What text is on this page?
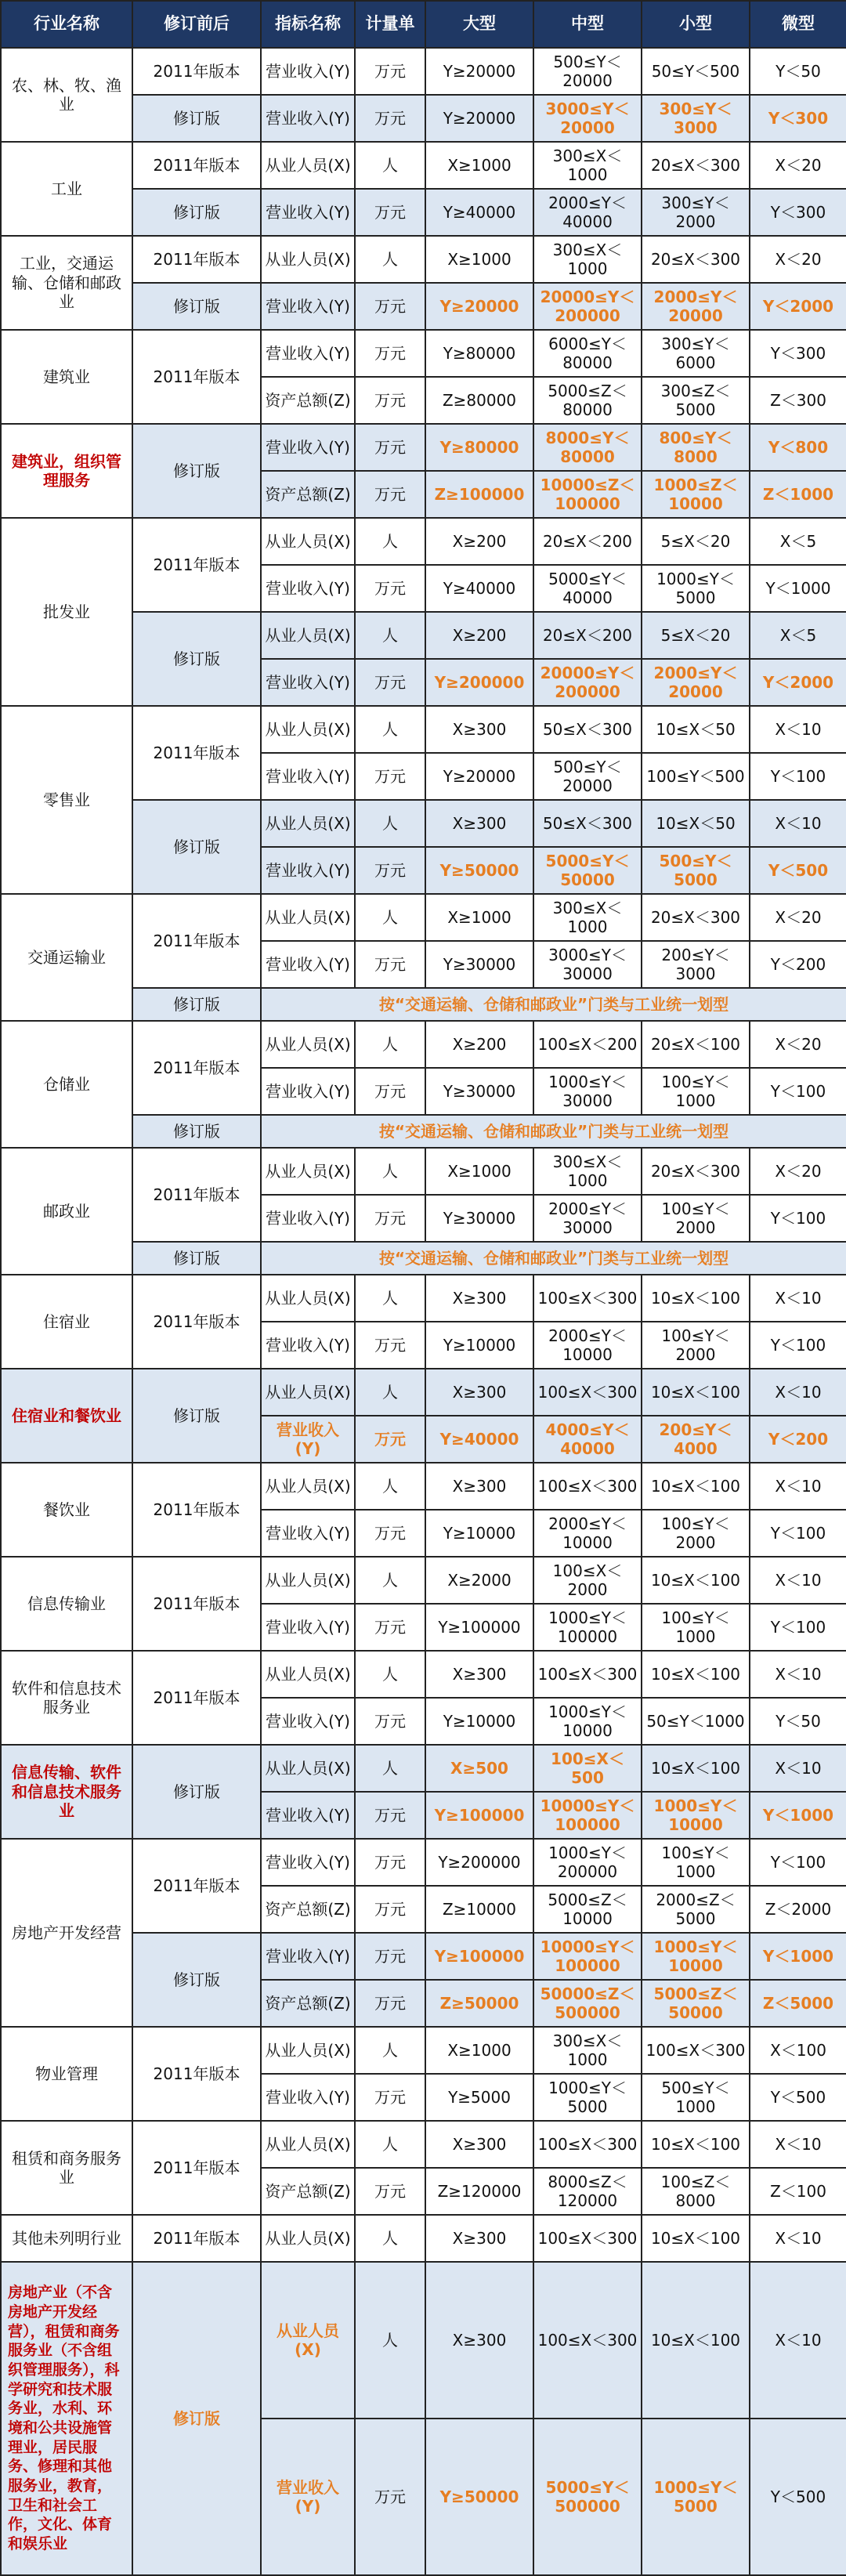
行业名称	修订前后	指标名称	计量单	大型	中型	小型	微型
农、林、牧、渔业	2011年版本	营业收入(Y)	万元	Y≥20000	500≤Y＜20000	50≤Y＜500	Y＜50
	修订版	营业收入(Y)	万元	Y≥20000	3000≤Y＜20000	300≤Y＜3000	Y＜300
工业	2011年版本	从业人员(X)	人	X≥1000	300≤X＜1000	20≤X＜300	X＜20
	修订版	营业收入(Y)	万元	Y≥40000	2000≤Y＜40000	300≤Y＜2000	Y＜300
工业，交通运输、仓储和邮政业	2011年版本	从业人员(X)	人	X≥1000	300≤X＜1000	20≤X＜300	X＜20
	修订版	营业收入(Y)	万元	Y≥20000	20000≤Y＜200000	2000≤Y＜20000	Y＜2000
建筑业	2011年版本	营业收入(Y)	万元	Y≥80000	6000≤Y＜80000	300≤Y＜6000	Y＜300
		资产总额(Z)	万元	Z≥80000	5000≤Z＜80000	300≤Z＜5000	Z＜300
建筑业，组织管理服务	修订版	营业收入(Y)	万元	Y≥80000	8000≤Y＜80000	800≤Y＜8000	Y＜800
		资产总额(Z)	万元	Z≥100000	10000≤Z＜100000	1000≤Z＜10000	Z＜1000
批发业	2011年版本	从业人员(X)	人	X≥200	20≤X＜200	5≤X＜20	X＜5
		营业收入(Y)	万元	Y≥40000	5000≤Y＜40000	1000≤Y＜5000	Y＜1000
	修订版	从业人员(X)	人	X≥200	20≤X＜200	5≤X＜20	X＜5
		营业收入(Y)	万元	Y≥200000	20000≤Y＜200000	2000≤Y＜20000	Y＜2000
零售业	2011年版本	从业人员(X)	人	X≥300	50≤X＜300	10≤X＜50	X＜10
		营业收入(Y)	万元	Y≥20000	500≤Y＜20000	100≤Y＜500	Y＜100
	修订版	从业人员(X)	人	X≥300	50≤X＜300	10≤X＜50	X＜10
		营业收入(Y)	万元	Y≥50000	5000≤Y＜50000	500≤Y＜5000	Y＜500
交通运输业	2011年版本	从业人员(X)	人	X≥1000	300≤X＜1000	20≤X＜300	X＜20
		营业收入(Y)	万元	Y≥30000	3000≤Y＜30000	200≤Y＜3000	Y＜200
	修订版	按“交通运输、仓储和邮政业”门类与工业统一划型					
仓储业	2011年版本	从业人员(X)	人	X≥200	100≤X＜200	20≤X＜100	X＜20
		营业收入(Y)	万元	Y≥30000	1000≤Y＜30000	100≤Y＜1000	Y＜100
	修订版	按“交通运输、仓储和邮政业”门类与工业统一划型					
邮政业	2011年版本	从业人员(X)	人	X≥1000	300≤X＜1000	20≤X＜300	X＜20
		营业收入(Y)	万元	Y≥30000	2000≤Y＜30000	100≤Y＜2000	Y＜100
	修订版	按“交通运输、仓储和邮政业”门类与工业统一划型					
住宿业	2011年版本	从业人员(X)	人	X≥300	100≤X＜300	10≤X＜100	X＜10
		营业收入(Y)	万元	Y≥10000	2000≤Y＜10000	100≤Y＜2000	Y＜100
住宿业和餐饮业	修订版	从业人员(X)	人	X≥300	100≤X＜300	10≤X＜100	X＜10
		营业收入(Y)	万元	Y≥40000	4000≤Y＜40000	200≤Y＜4000	Y＜200
餐饮业	2011年版本	从业人员(X)	人	X≥300	100≤X＜300	10≤X＜100	X＜10
		营业收入(Y)	万元	Y≥10000	2000≤Y＜10000	100≤Y＜2000	Y＜100
信息传输业	2011年版本	从业人员(X)	人	X≥2000	100≤X＜2000	10≤X＜100	X＜10
		营业收入(Y)	万元	Y≥100000	1000≤Y＜100000	100≤Y＜1000	Y＜100
软件和信息技术服务业	2011年版本	从业人员(X)	人	X≥300	100≤X＜300	10≤X＜100	X＜10
		营业收入(Y)	万元	Y≥10000	1000≤Y＜10000	50≤Y＜1000	Y＜50
信息传输、软件和信息技术服务业	修订版	从业人员(X)	人	X≥500	100≤X＜500	10≤X＜100	X＜10
		营业收入(Y)	万元	Y≥100000	10000≤Y＜100000	1000≤Y＜10000	Y＜1000
房地产开发经营	2011年版本	营业收入(Y)	万元	Y≥200000	1000≤Y＜200000	100≤Y＜1000	Y＜100
		资产总额(Z)	万元	Z≥10000	5000≤Z＜10000	2000≤Z＜5000	Z＜2000
	修订版	营业收入(Y)	万元	Y≥100000	10000≤Y＜100000	1000≤Y＜10000	Y＜1000
		资产总额(Z)	万元	Z≥50000	50000≤Z＜500000	5000≤Z＜50000	Z＜5000
物业管理	2011年版本	从业人员(X)	人	X≥1000	300≤X＜1000	100≤X＜300	X＜100
		营业收入(Y)	万元	Y≥5000	1000≤Y＜5000	500≤Y＜1000	Y＜500
租赁和商务服务业	2011年版本	从业人员(X)	人	X≥300	100≤X＜300	10≤X＜100	X＜10
		资产总额(Z)	万元	Z≥120000	8000≤Z＜120000	100≤Z＜8000	Z＜100
其他未列明行业	2011年版本	从业人员(X)	人	X≥300	100≤X＜300	10≤X＜100	X＜10
房地产业（不含房地产开发经营），租赁和商务服务业（不含组织管理服务），科学研究和技术服务业，水利、环境和公共设施管理业，居民服务、修理和其他服务业，教育，卫生和社会工作，文化、体育和娱乐业	修订版	从业人员(X)	人	X≥300	100≤X＜300	10≤X＜100	X＜10
		营业收入(Y)	万元	Y≥50000	5000≤Y＜500000	1000≤Y＜5000	Y＜500
